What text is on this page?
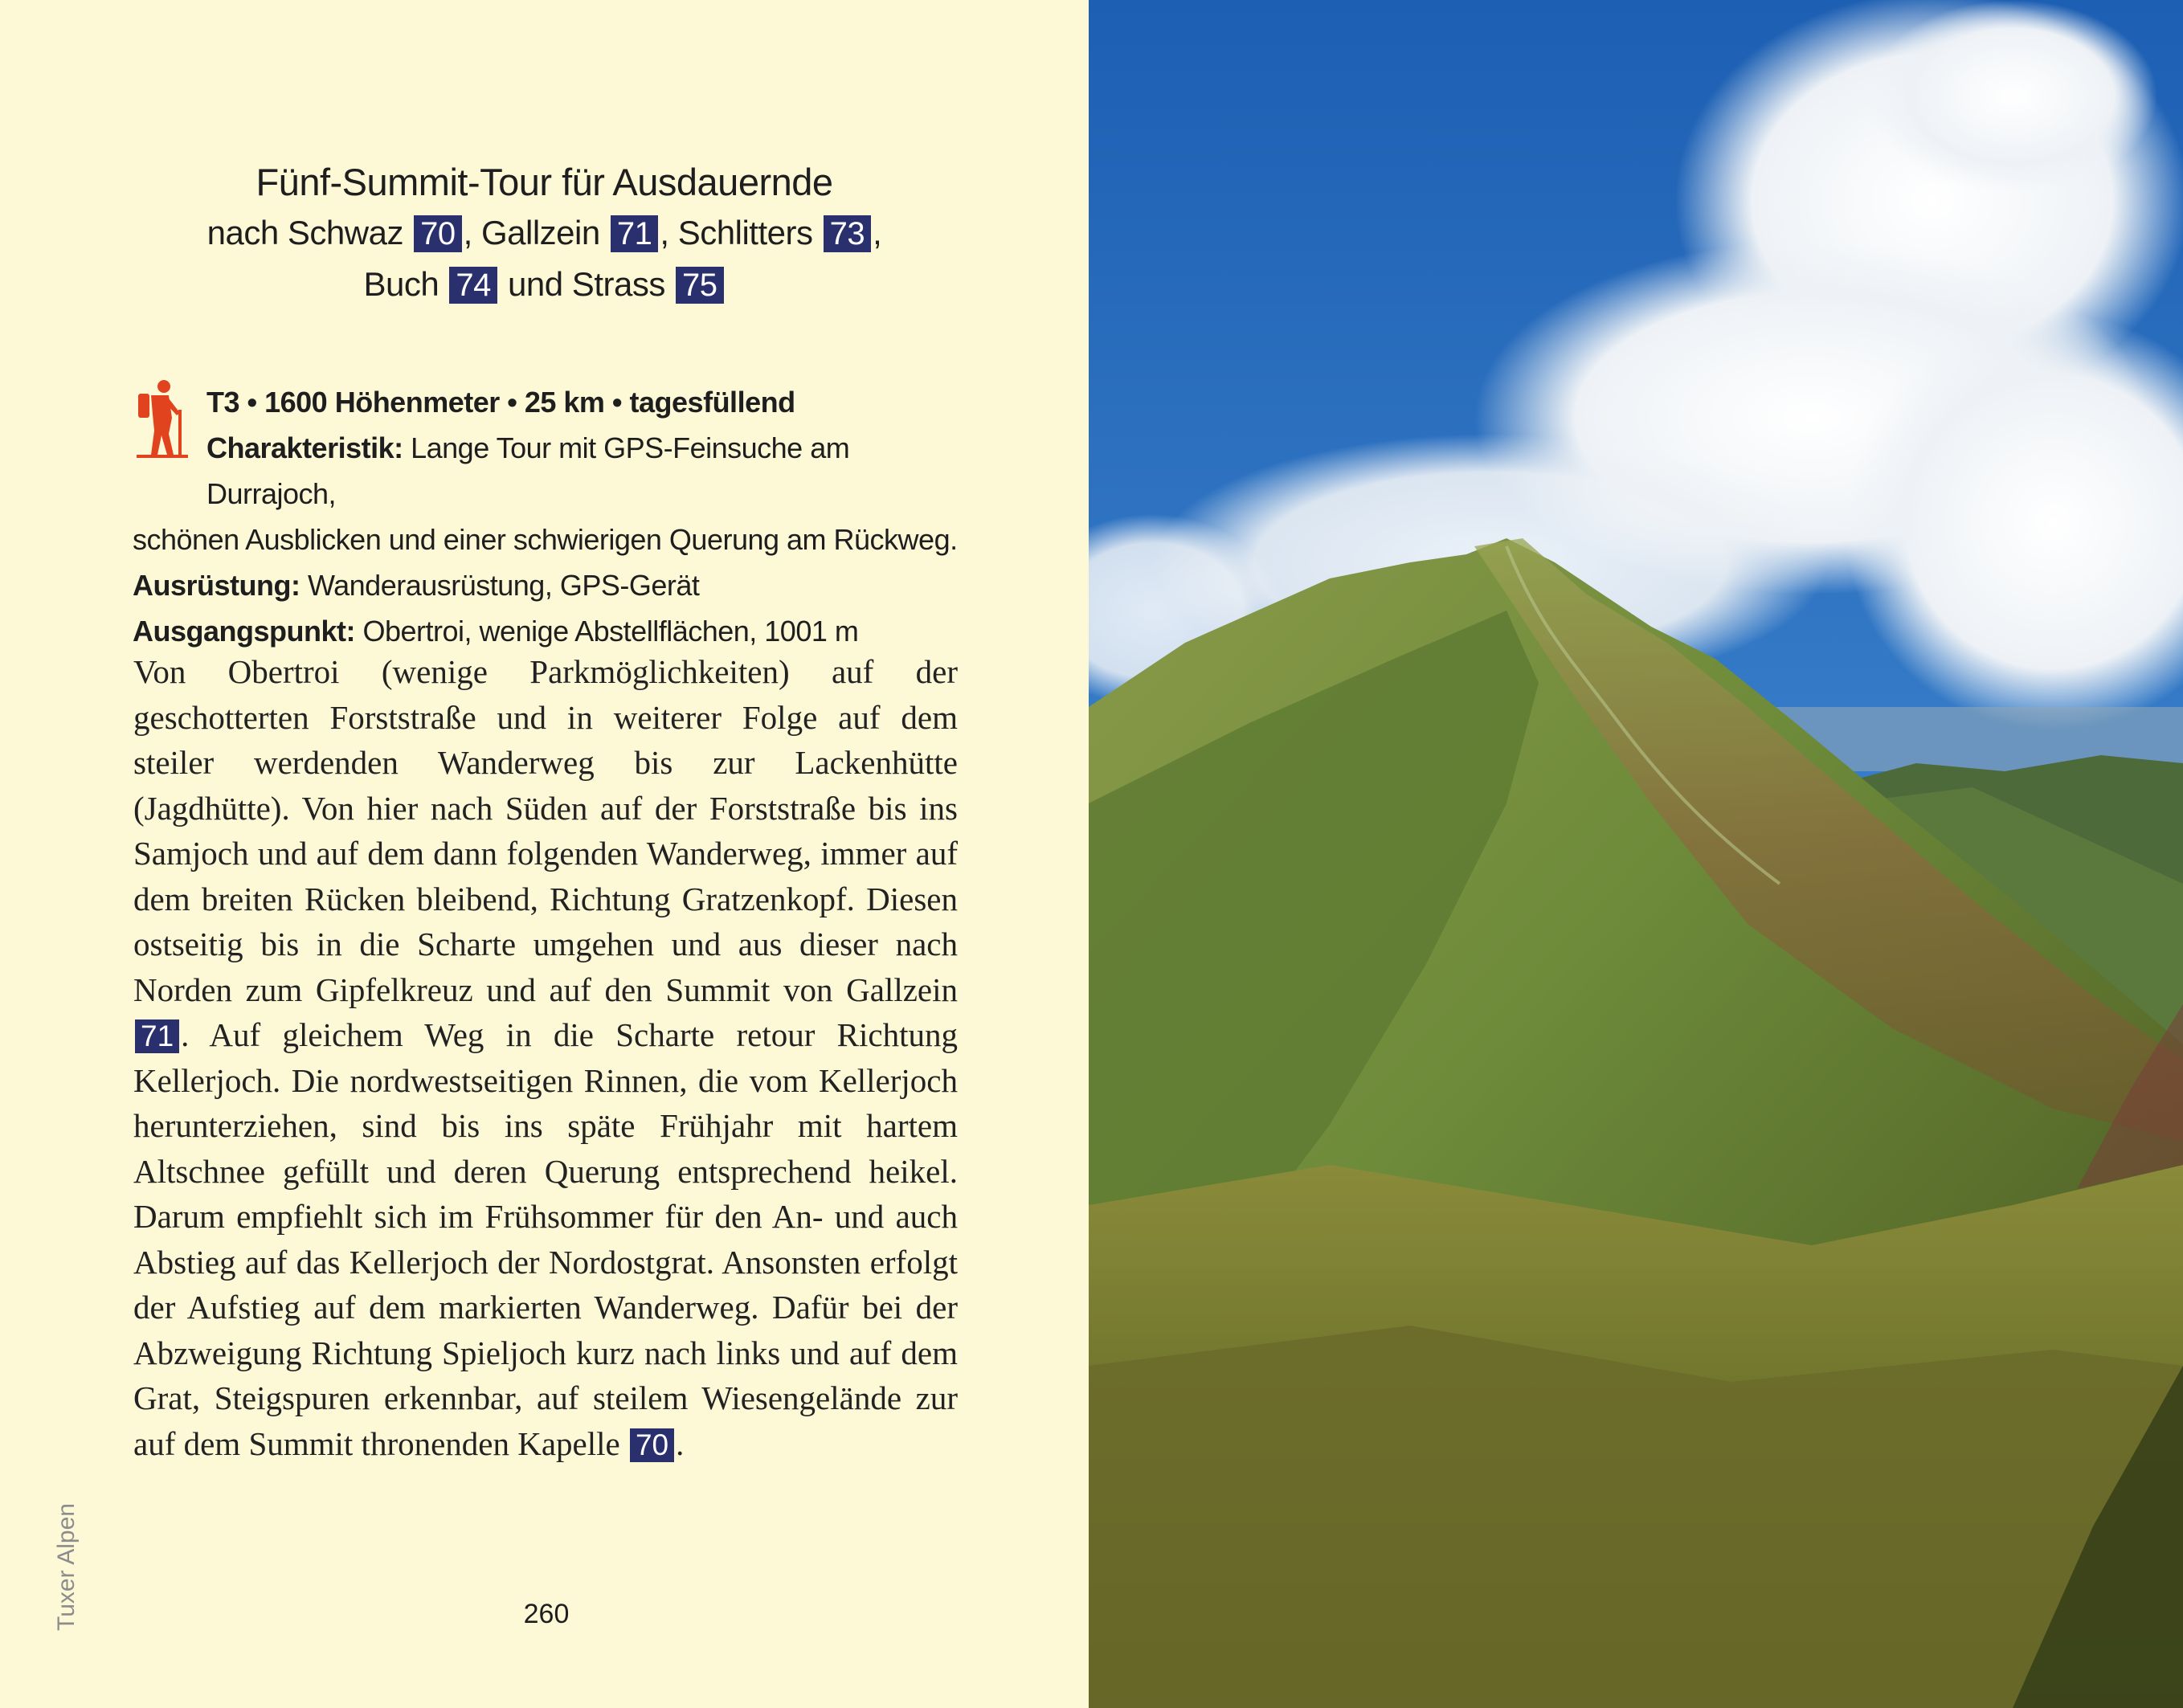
Fünf-Summit-Tour für Ausdauernde

nach Schwaz 70 , Gallzein 71 , Schlitters 73 ,

Buch 74 und Strass 75

T3 • 1600 Höhenmeter • 25 km • tagesfüllend

Charakteristik: Lange Tour mit GPS-Feinsuche am Durrajoch,

schönen Ausblicken und einer schwierigen Querung am Rückweg.

Ausrüstung: Wanderausrüstung, GPS-Gerät

Ausgangspunkt: Obertroi, wenige Abstellflächen, 1001 m

Von Obertroi (wenige Parkmöglichkeiten) auf der geschotterten Forststraße und in weiterer Folge auf dem steiler werdenden Wanderweg bis zur Lackenhütte (Jagdhütte). Von hier nach Süden auf der Forststraße bis ins Samjoch und auf dem dann folgenden Wanderweg, immer auf dem breiten Rücken bleibend, Richtung Gratzenkopf. Diesen ostseitig bis in die Scharte umgehen und aus dieser nach Norden zum Gipfelkreuz und auf den Summit von Gallzein 71 . Auf gleichem Weg in die Scharte retour Richtung Kellerjoch. Die nordwestseitigen Rinnen, die vom Kellerjoch herunterziehen, sind bis ins späte Frühjahr mit hartem Altschnee gefüllt und deren Querung entsprechend heikel. Darum empfiehlt sich im Frühsommer für den An- und auch Abstieg auf das Kellerjoch der Nordostgrat. Ansonsten erfolgt der Aufstieg auf dem markierten Wanderweg. Dafür bei der Abzweigung Richtung Spieljoch kurz nach links und auf dem Grat, Steigspuren erkennbar, auf steilem Wiesengelände zur auf dem Summit thronenden Kapelle 70 .

Tuxer Alpen	260
